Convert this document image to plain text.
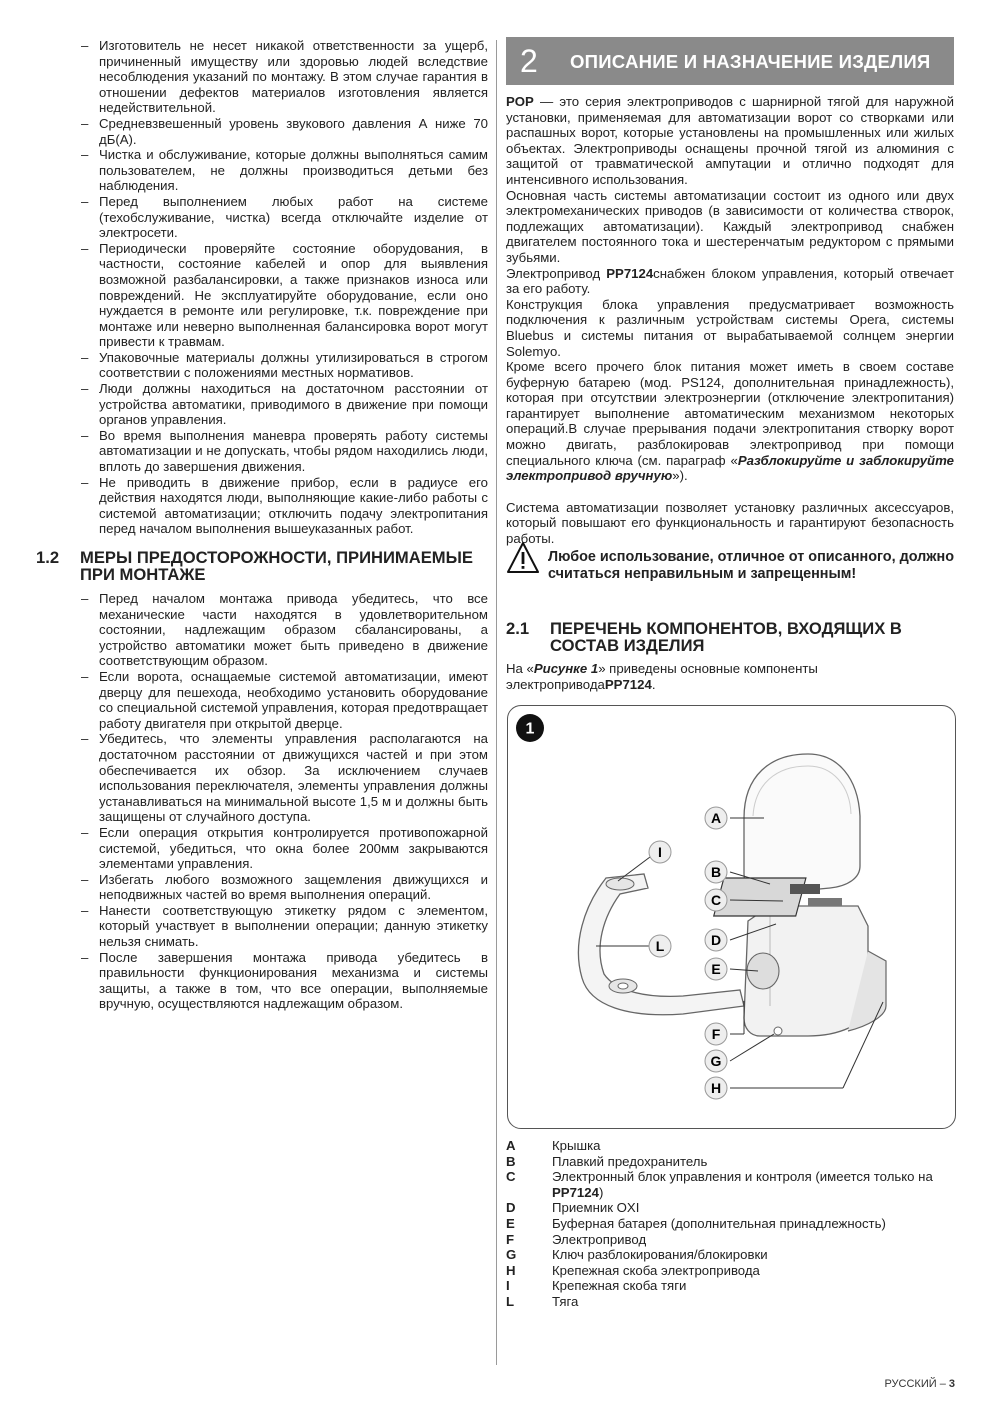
– Изготовитель не несет никакой ответственности за ущерб, причиненный имуществу или здоровью людей вследствие несоблюдения указаний по монтажу. В этом случае гарантия в отношении дефектов материалов изготовления является недействительной.
– Средневзвешенный уровень звукового давления А ниже 70 дБ(А).
– Чистка и обслуживание, которые должны выполняться самим пользователем, не должны производиться детьми без наблюдения.
– Перед выполнением любых работ на системе (техобслуживание, чистка) всегда отключайте изделие от электросети.
– Периодически проверяйте состояние оборудования, в частности, состояние кабелей и опор для выявления возможной разбалансировки, а также признаков износа или повреждений. Не эксплуатируйте оборудование, если оно нуждается в ремонте или регулировке, т.к. повреждение при монтаже или неверно выполненная балансировка ворот могут привести к травмам.
– Упаковочные материалы должны утилизироваться в строгом соответствии с положениями местных нормативов.
– Люди должны находиться на достаточном расстоянии от устройства автоматики, приводимого в движение при помощи органов управления.
– Во время выполнения маневра проверять работу системы автоматизации и не допускать, чтобы рядом находились люди, вплоть до завершения движения.
– Не приводить в движение прибор, если в радиусе его действия находятся люди, выполняющие какие-либо работы с системой автоматизации; отключить подачу электропитания перед началом выполнения вышеуказанных работ.
1.2 МЕРЫ ПРЕДОСТОРОЖНОСТИ, ПРИНИМАЕМЫЕ ПРИ МОНТАЖЕ
– Перед началом монтажа привода убедитесь, что все механические части находятся в удовлетворительном состоянии, надлежащим образом сбалансированы, а устройство автоматики может быть приведено в движение соответствующим образом.
– Если ворота, оснащаемые системой автоматизации, имеют дверцу для пешехода, необходимо установить оборудование со специальной системой управления, которая предотвращает работу двигателя при открытой дверце.
– Убедитесь, что элементы управления располагаются на достаточном расстоянии от движущихся частей и при этом обеспечивается их обзор. За исключением случаев использования переключателя, элементы управления должны устанавливаться на минимальной высоте 1,5 м и должны быть защищены от случайного доступа.
– Если операция открытия контролируется противопожарной системой, убедиться, что окна более 200мм закрываются элементами управления.
– Избегать любого возможного защемления движущихся и неподвижных частей во время выполнения операций.
– Нанести соответствующую этикетку рядом с элементом, который участвует в выполнении операции; данную этикетку нельзя снимать.
– После завершения монтажа привода убедитесь в правильности функционирования механизма и системы защиты, а также в том, что все операции, выполняемые вручную, осуществляются надлежащим образом.
2 ОПИСАНИЕ И НАЗНАЧЕНИЕ ИЗДЕЛИЯ

POP — это серия электроприводов с шарнирной тягой для наружной установки, применяемая для автоматизации ворот со створками или распашных ворот, которые установлены на промышленных или жилых объектах. Электроприводы оснащены прочной тягой из алюминия с защитой от травматической ампутации и отлично подходят для интенсивного использования.

Основная часть системы автоматизации состоит из одного или двух электромеханических приводов (в зависимости от количества створок, подлежащих автоматизации). Каждый электропривод снабжен двигателем постоянного тока и шестеренчатым редуктором с прямыми зубьями.

Электропривод PP7124снабжен блоком управления, который отвечает за его работу.

Конструкция блока управления предусматривает возможность подключения к различным устройствам системы Opera, системы Bluebus и системы питания от вырабатываемой солнцем энергии Solemyo.

Кроме всего прочего блок питания может иметь в своем составе буферную батарею (мод. PS124, дополнительная принадлежность), которая при отсутствии электроэнергии (отключение электропитания) гарантирует выполнение автоматическим механизмом некоторых операций.В случае прерывания подачи электропитания створку ворот можно двигать, разблокировав электропривод при помощи специального ключа (см. параграф «Разблокируйте и заблокируйте электропривод вручную»).

Система автоматизации позволяет установку различных аксессуаров, который повышают его функциональность и гарантируют безопасность работы.

Любое использование, отличное от описанного, должно считаться неправильным и запрещенным!
2.1 ПЕРЕЧЕНЬ КОМПОНЕНТОВ, ВХОДЯЩИХ В СОСТАВ ИЗДЕЛИЯ
На «Рисунке 1» приведены основные компоненты электроприводаPP7124.
1
A
B
C
D
E
F
G
H
I
L
A	Крышка
B	Плавкий предохранитель
C	Электронный блок управления и контроля (имеется только на PP7124)
D	Приемник OXI
E	Буферная батарея (дополнительная принадлежность)
F	Электропривод
G	Ключ разблокирования/блокировки
H	Крепежная скоба электропривода
I	Крепежная скоба тяги
L	Тяга
РУССКИЙ – 3
